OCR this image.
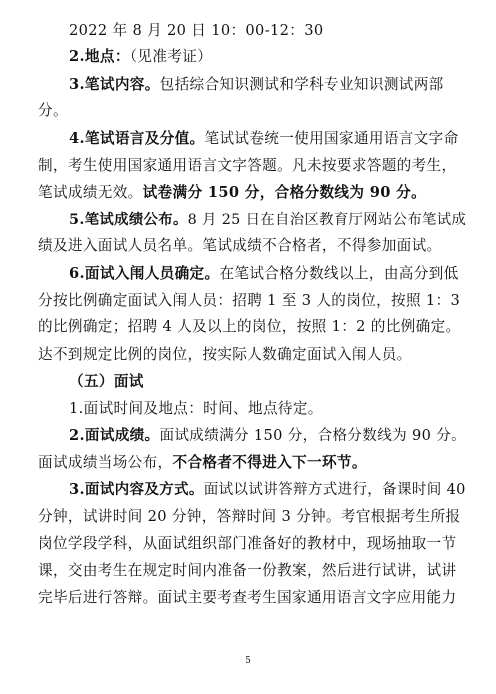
2022 年 8 月 20 日 10：00-12：30
2.地点：（见准考证）
3.笔试内容。包括综合知识测试和学科专业知识测试两部
分。
4.笔试语言及分值。笔试试卷统一使用国家通用语言文字命
制，考生使用国家通用语言文字答题。凡未按要求答题的考生，
笔试成绩无效。试卷满分 150 分，合格分数线为 90 分。
5.笔试成绩公布。8 月 25 日在自治区教育厅网站公布笔试成
绩及进入面试人员名单。笔试成绩不合格者，不得参加面试。
6.面试入闱人员确定。在笔试合格分数线以上，由高分到低
分按比例确定面试入闱人员：招聘 1 至 3 人的岗位，按照 1：3
的比例确定；招聘 4 人及以上的岗位，按照 1：2 的比例确定。
达不到规定比例的岗位，按实际人数确定面试入闱人员。
（五）面试
1.面试时间及地点：时间、地点待定。
2.面试成绩。面试成绩满分 150 分，合格分数线为 90 分。
面试成绩当场公布，不合格者不得进入下一环节。
3.面试内容及方式。面试以试讲答辩方式进行，备课时间 40
分钟，试讲时间 20 分钟，答辩时间 3 分钟。考官根据考生所报
岗位学段学科，从面试组织部门准备好的教材中，现场抽取一节
课，交由考生在规定时间内准备一份教案，然后进行试讲，试讲
完毕后进行答辩。面试主要考查考生国家通用语言文字应用能力
5
